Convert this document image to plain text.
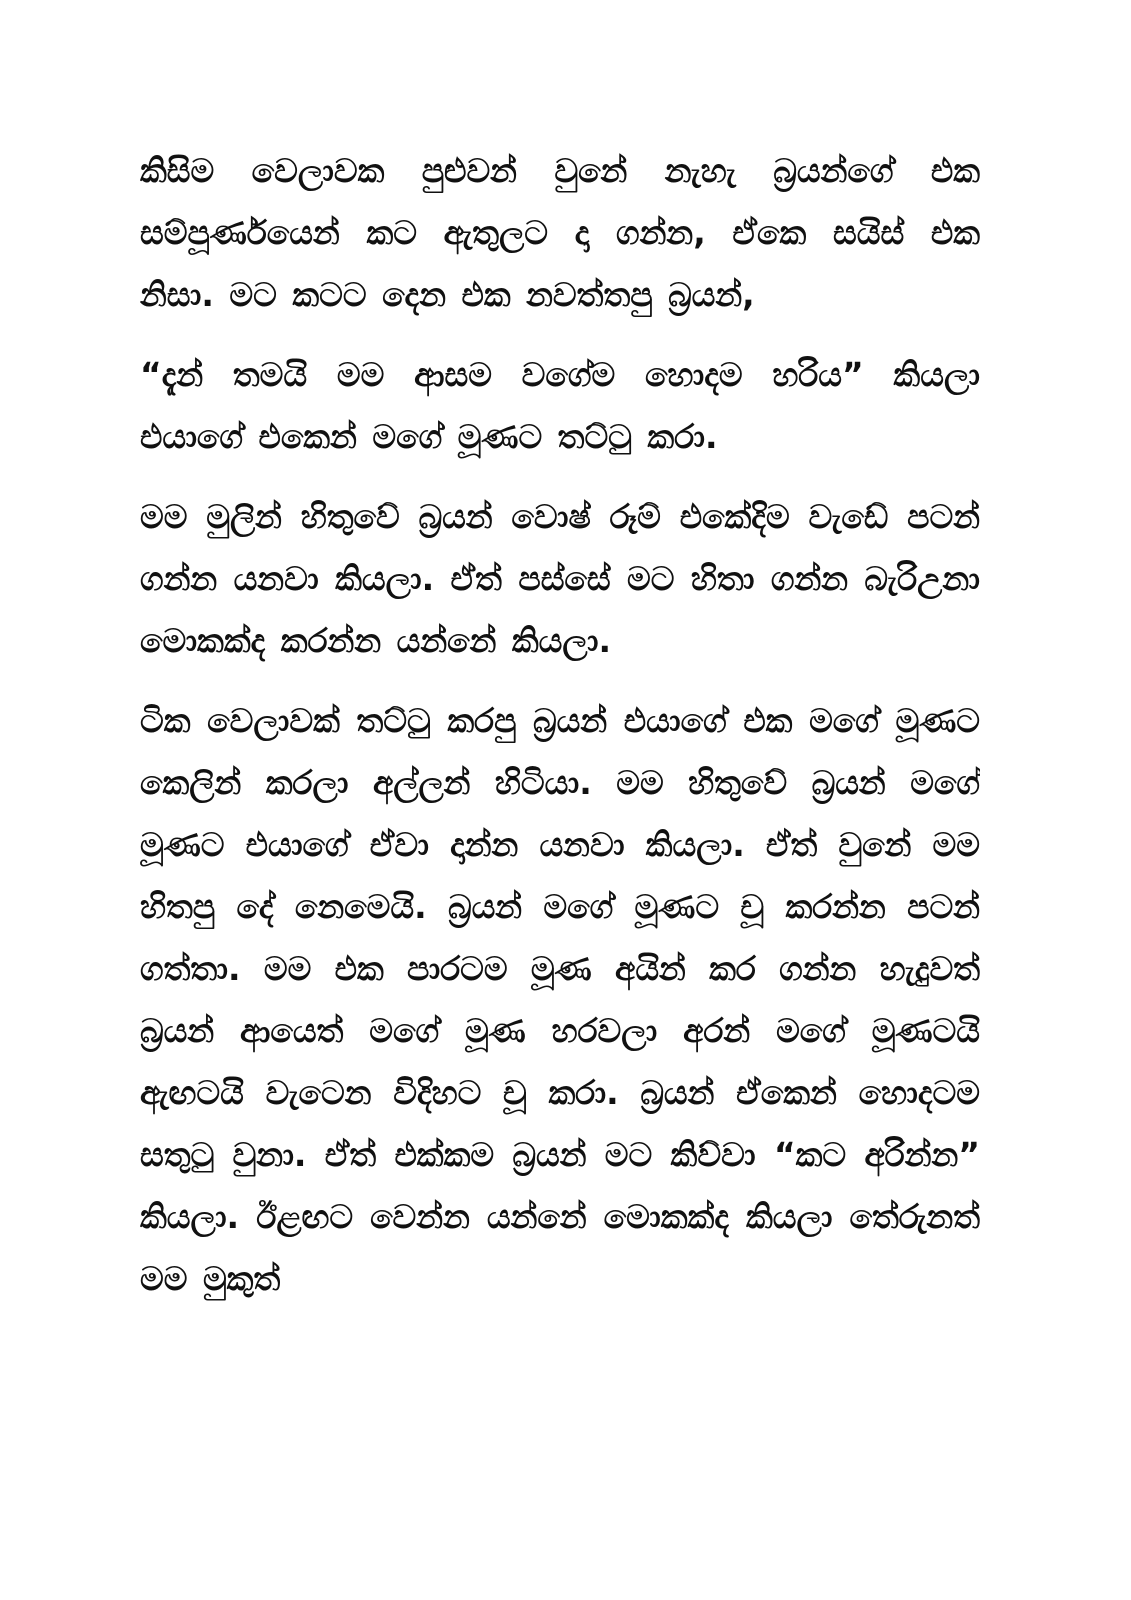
කිසිම වෙලාවක පුළුවන් වුනේ නැහැ බ්‍රයන්ගේ එක සම්පූර්ණයෙන් කට ඇතුලට දා ගන්න, ඒකෙ සයිස් එක නිසා. මට කටට දෙන එක නවත්තපු බ්‍රයන්,

“දැන් තමයි මම ආසම වගේම හොදම හරිය” කියලා එයාගේ එකෙන් මගේ මූණට තට්ටු කරා.

මම මුලින් හිතුවේ බ්‍රයන් වොෂ් රූම් එකේදිම වැඩේ පටන් ගන්න යනවා කියලා. ඒත් පස්සේ මට හිතා ගන්න බැරිඋනා මොකක්ද කරන්න යන්නේ කියලා.

ටික වෙලාවක් තට්ටු කරපු බ්‍රයන් එයාගේ එක මගේ මූණට කෙලින් කරලා අල්ලන් හිටියා. මම හිතුවේ බ්‍රයන් මගේ මූණට එයාගේ ඒවා දාන්න යනවා කියලා. ඒත් වුනේ මම හිතපු දේ නෙමෙයි. බ්‍රයන් මගේ මූණට චූ කරන්න පටන් ගත්තා. මම එක පාරටම මූණ අයින් කර ගන්න හැදුවත් බ්‍රයන් ආයෙත් මගේ මූණ හරවලා අරන් මගේ මූණටයි ඇඟටයි වැටෙන විදිහට චූ කරා. බ්‍රයන් ඒකෙන් හොදටම සතුටු වුනා. ඒත් එක්කම බ්‍රයන් මට කිව්වා “කට අරින්න” කියලා. ඊළඟට වෙන්න යන්නේ මොකක්ද කියලා තේරුනත් මම මුකුත්
